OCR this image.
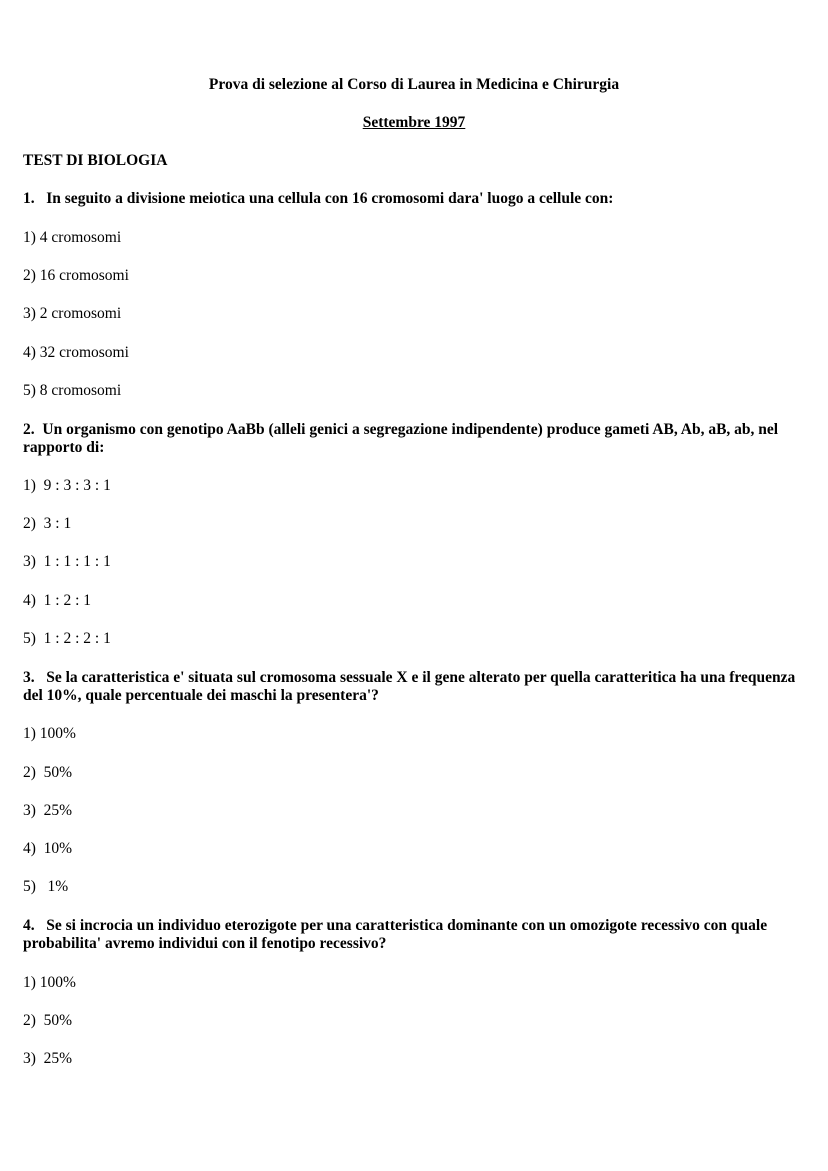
Prova di selezione al Corso di Laurea in Medicina e Chirurgia
Settembre 1997
TEST DI BIOLOGIA
1. In seguito a divisione meiotica una cellula con 16 cromosomi dara' luogo a cellule con:
1) 4 cromosomi
2) 16 cromosomi
3) 2 cromosomi
4) 32 cromosomi
5) 8 cromosomi
2. Un organismo con genotipo AaBb (alleli genici a segregazione indipendente) produce gameti AB, Ab, aB, ab, nel rapporto di:
1)  9 : 3 : 3 : 1
2)  3 : 1
3)  1 : 1 : 1 : 1
4)  1 : 2 : 1
5)  1 : 2 : 2 : 1
3. Se la caratteristica e' situata sul cromosoma sessuale X e il gene alterato per quella caratteritica ha una frequenza del 10%, quale percentuale dei maschi la presentera'?
1) 100%
2)  50%
3)  25%
4)  10%
5)   1%
4. Se si incrocia un individuo eterozigote per una caratteristica dominante con un omozigote recessivo con quale probabilita' avremo individui con il fenotipo recessivo?
1) 100%
2)  50%
3)  25%
